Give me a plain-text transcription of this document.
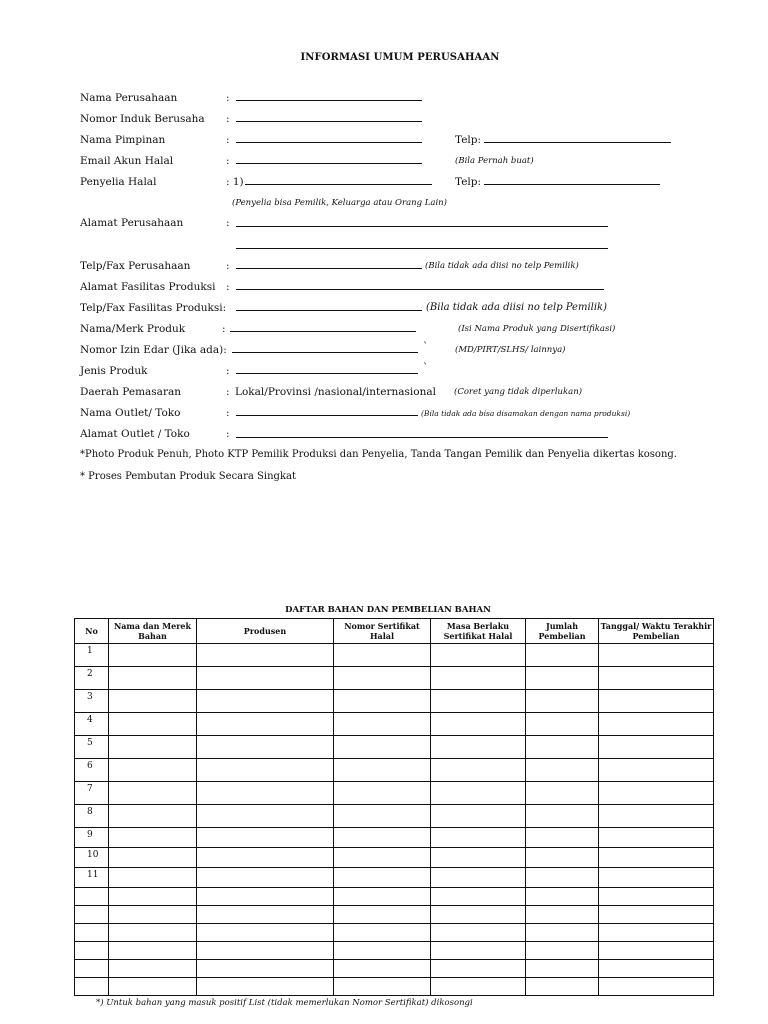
INFORMASI UMUM PERUSAHAAN
Nama Perusahaan	:
Nomor Induk Berusaha :
Nama Pimpinan	:	Telp:
Email Akun Halal	:	(Bila Pernah buat)
Penyelia Halal	: 1)	Telp:
(Penyelia bisa Pemilik, Keluarga atau Orang Lain)
Alamat Perusahaan	:
Telp/Fax Perusahaan	:	(Bila tidak ada diisi no telp Pemilik)
Alamat Fasilitas Produksi :
Telp/Fax Fasilitas Produksi:	(Bila tidak ada diisi no telp Pemilik)
Nama/Merk Produk	:	(Isi Nama Produk yang Disertifikasi)
Nomor Izin Edar (Jika ada):	`	(MD/PIRT/SLHS/ lainnya)
Jenis Produk	:	`
Daerah Pemasaran	: Lokal/Provinsi /nasional/internasional (Coret yang tidak diperlukan)
Nama Outlet/ Toko	:	(Bila tidak ada bisa disamakan dengan nama produksi)
Alamat Outlet / Toko	:
*Photo Produk Penuh, Photo KTP Pemilik Produksi dan Penyelia, Tanda Tangan Pemilik dan Penyelia dikertas kosong.
* Proses Pembutan Produk Secara Singkat
DAFTAR BAHAN DAN PEMBELIAN BAHAN
No	Nama dan Merek Bahan	Produsen	Nomor Sertifikat Halal	Masa Berlaku Sertifikat Halal	Jumlah Pembelian	Tanggal/ Waktu Terakhir Pembelian
1						
2						
3						
4						
5						
6						
7						
8						
9						
10						
11						

*) Untuk bahan yang masuk positif List (tidak memerlukan Nomor Sertifikat) dikosongi
